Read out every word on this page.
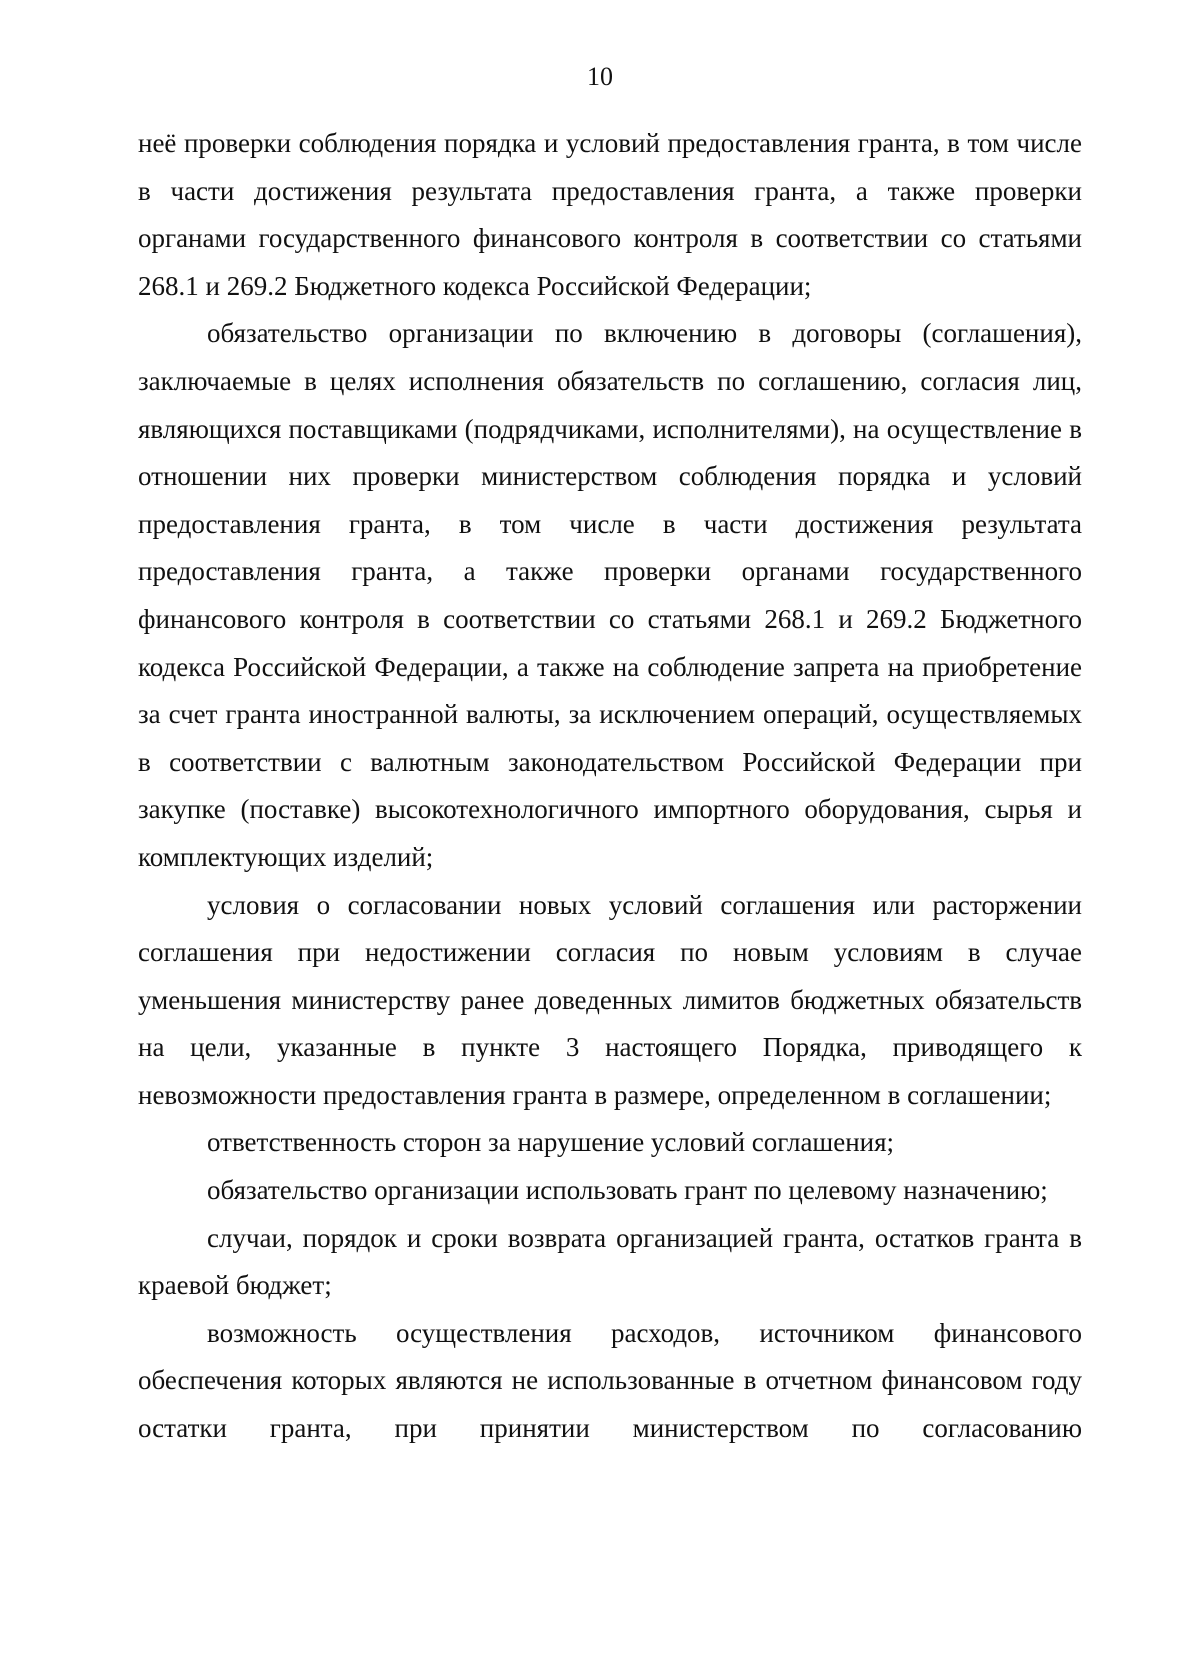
10

неё проверки соблюдения порядка и условий предоставления гранта, в том числе в части достижения результата предоставления гранта, а также проверки органами государственного финансового контроля в соответствии со статьями 268.1 и 269.2 Бюджетного кодекса Российской Федерации;

обязательство организации по включению в договоры (соглашения), заключаемые в целях исполнения обязательств по соглашению, согласия лиц, являющихся поставщиками (подрядчиками, исполнителями), на осуществление в отношении них проверки министерством соблюдения порядка и условий предоставления гранта, в том числе в части достижения результата предоставления гранта, а также проверки органами государственного финансового контроля в соответствии со статьями 268.1 и 269.2 Бюджетного кодекса Российской Федерации, а также на соблюдение запрета на приобретение за счет гранта иностранной валюты, за исключением операций, осуществляемых в соответствии с валютным законодательством Российской Федерации при закупке (поставке) высокотехнологичного импортного оборудования, сырья и комплектующих изделий;

условия о согласовании новых условий соглашения или расторжении соглашения при недостижении согласия по новым условиям в случае уменьшения министерству ранее доведенных лимитов бюджетных обязательств на цели, указанные в пункте 3 настоящего Порядка, приводящего к невозможности предоставления гранта в размере, определенном в соглашении;

ответственность сторон за нарушение условий соглашения;

обязательство организации использовать грант по целевому назначению;

случаи, порядок и сроки возврата организацией гранта, остатков гранта в краевой бюджет;

возможность осуществления расходов, источником финансового обеспечения которых являются не использованные в отчетном финансовом году остатки гранта, при принятии министерством по согласованию
